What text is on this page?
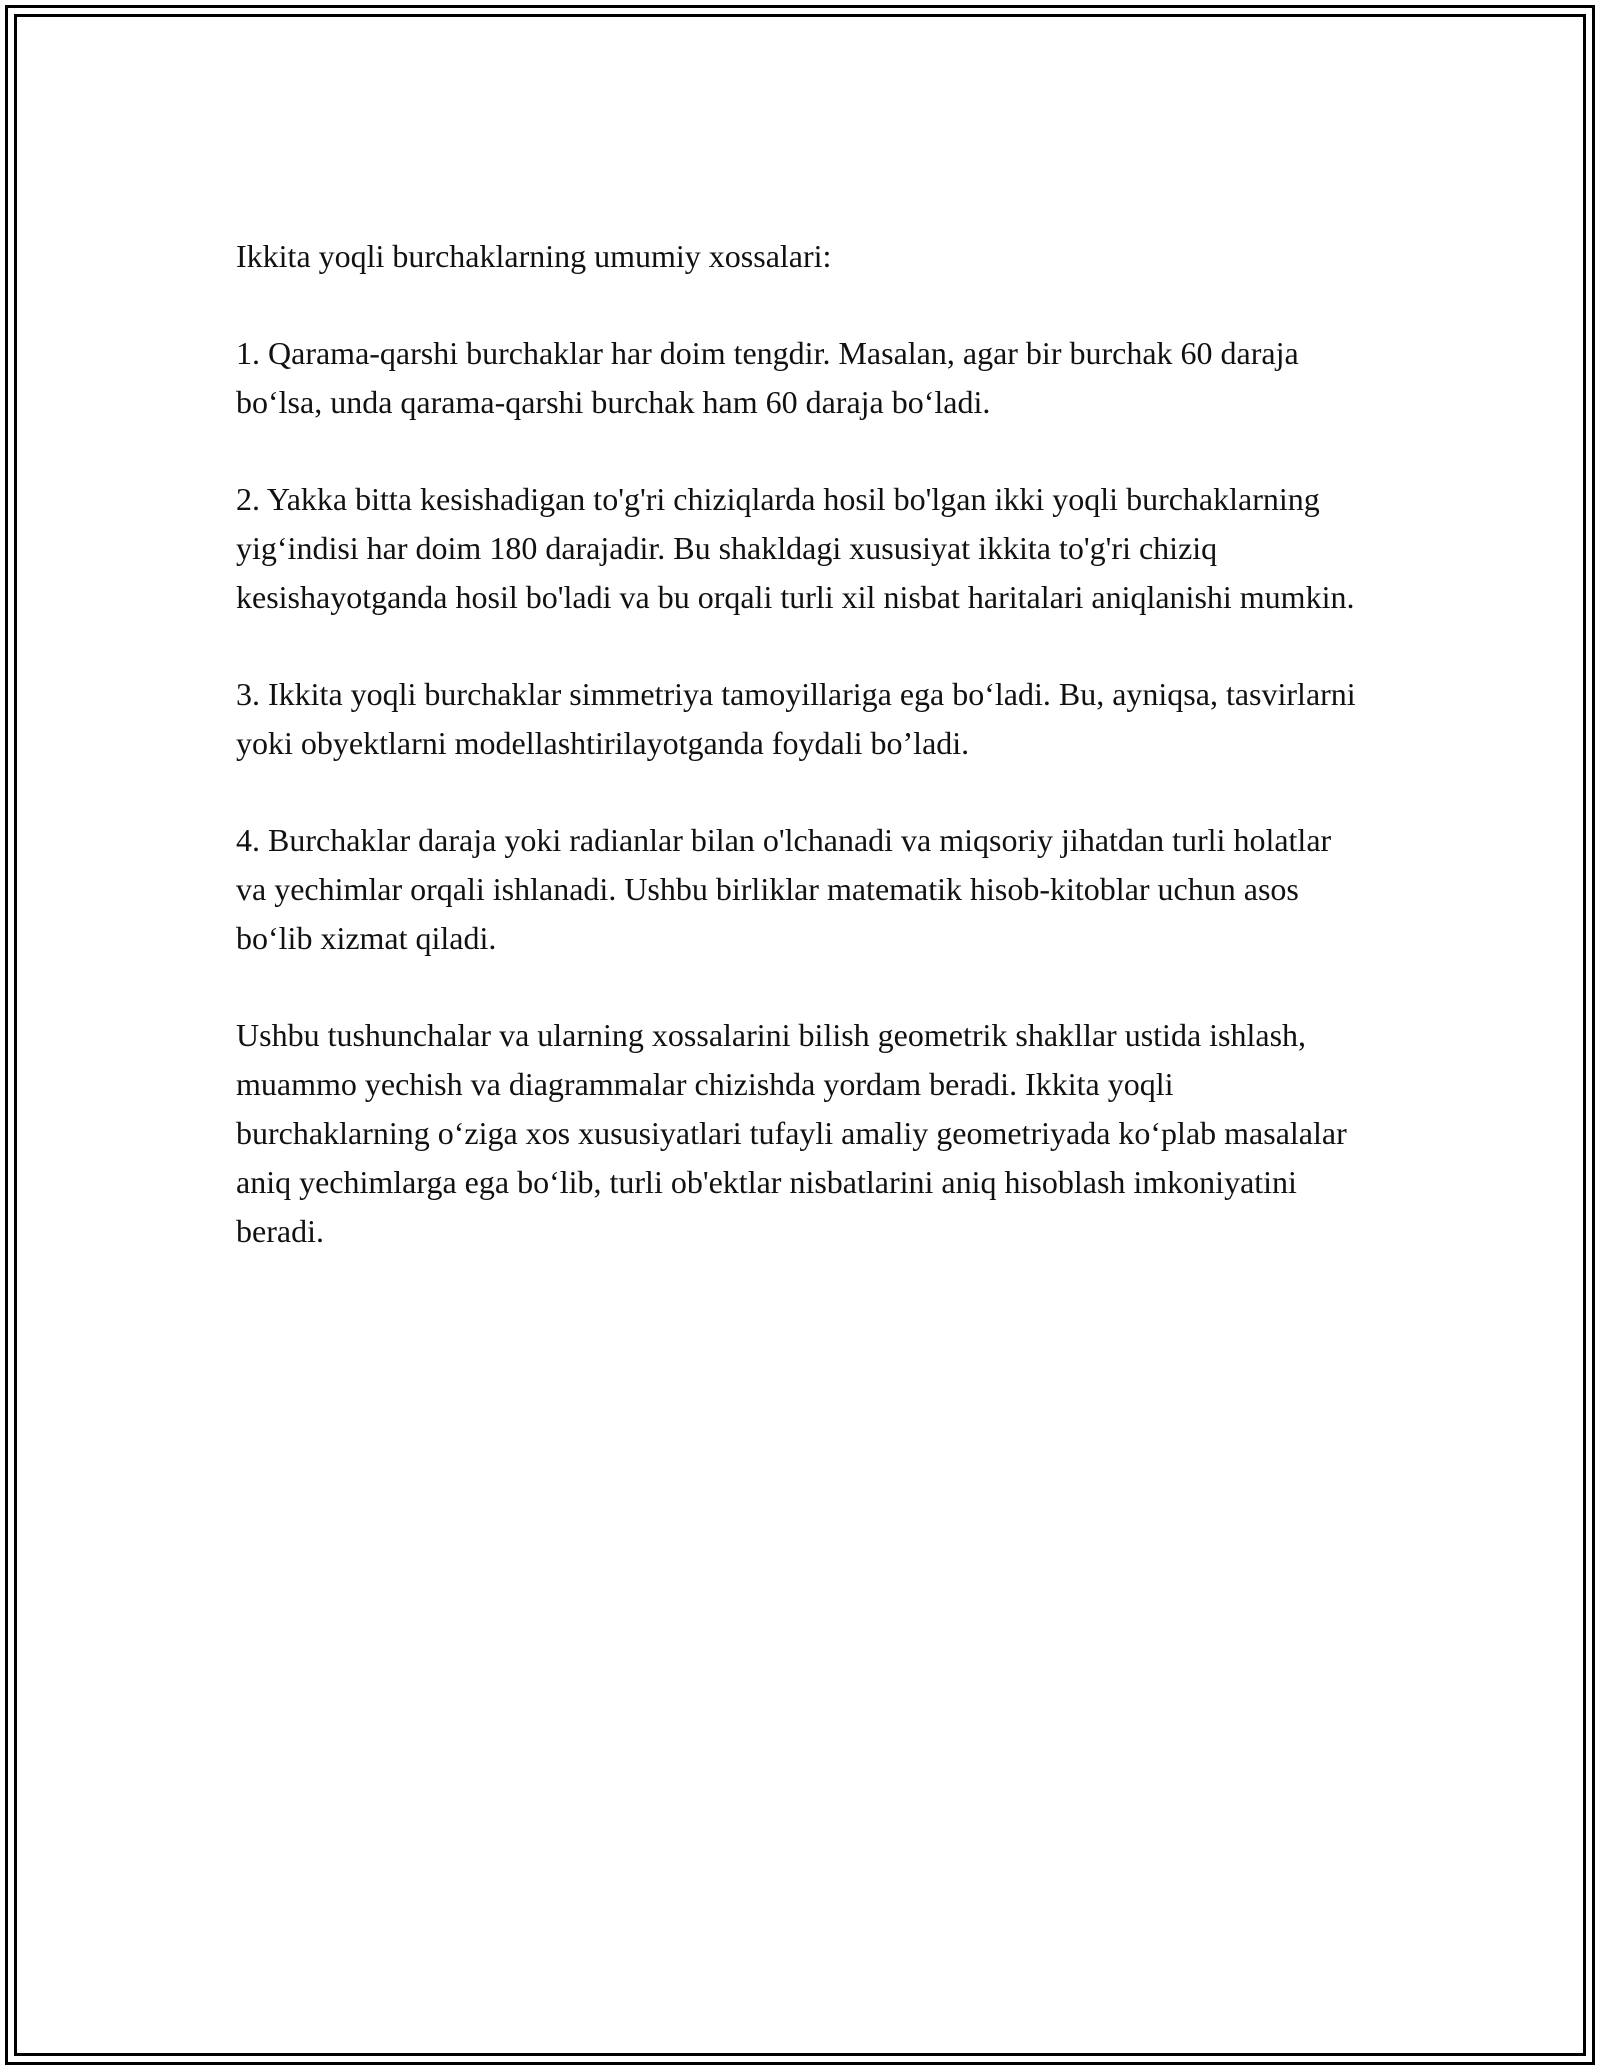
Ikkita yoqli burchaklarning umumiy xossalari:

1. Qarama-qarshi burchaklar har doim tengdir. Masalan, agar bir burchak 60 daraja bo‘lsa, unda qarama-qarshi burchak ham 60 daraja bo‘ladi.

2. Yakka bitta kesishadigan to'g'ri chiziqlarda hosil bo'lgan ikki yoqli burchaklarning yig‘indisi har doim 180 darajadir. Bu shakldagi xususiyat ikkita to'g'ri chiziq kesishayotganda hosil bo'ladi va bu orqali turli xil nisbat haritalari aniqlanishi mumkin.

3. Ikkita yoqli burchaklar simmetriya tamoyillariga ega bo‘ladi. Bu, ayniqsa, tasvirlarni yoki obyektlarni modellashtirilayotganda foydali bo’ladi.

4. Burchaklar daraja yoki radianlar bilan o'lchanadi va miqsoriy jihatdan turli holatlar va yechimlar orqali ishlanadi. Ushbu birliklar matematik hisob-kitoblar uchun asos bo‘lib xizmat qiladi.

Ushbu tushunchalar va ularning xossalarini bilish geometrik shakllar ustida ishlash, muammo yechish va diagrammalar chizishda yordam beradi. Ikkita yoqli burchaklarning o‘ziga xos xususiyatlari tufayli amaliy geometriyada ko‘plab masalalar aniq yechimlarga ega bo‘lib, turli ob'ektlar nisbatlarini aniq hisoblash imkoniyatini beradi.
